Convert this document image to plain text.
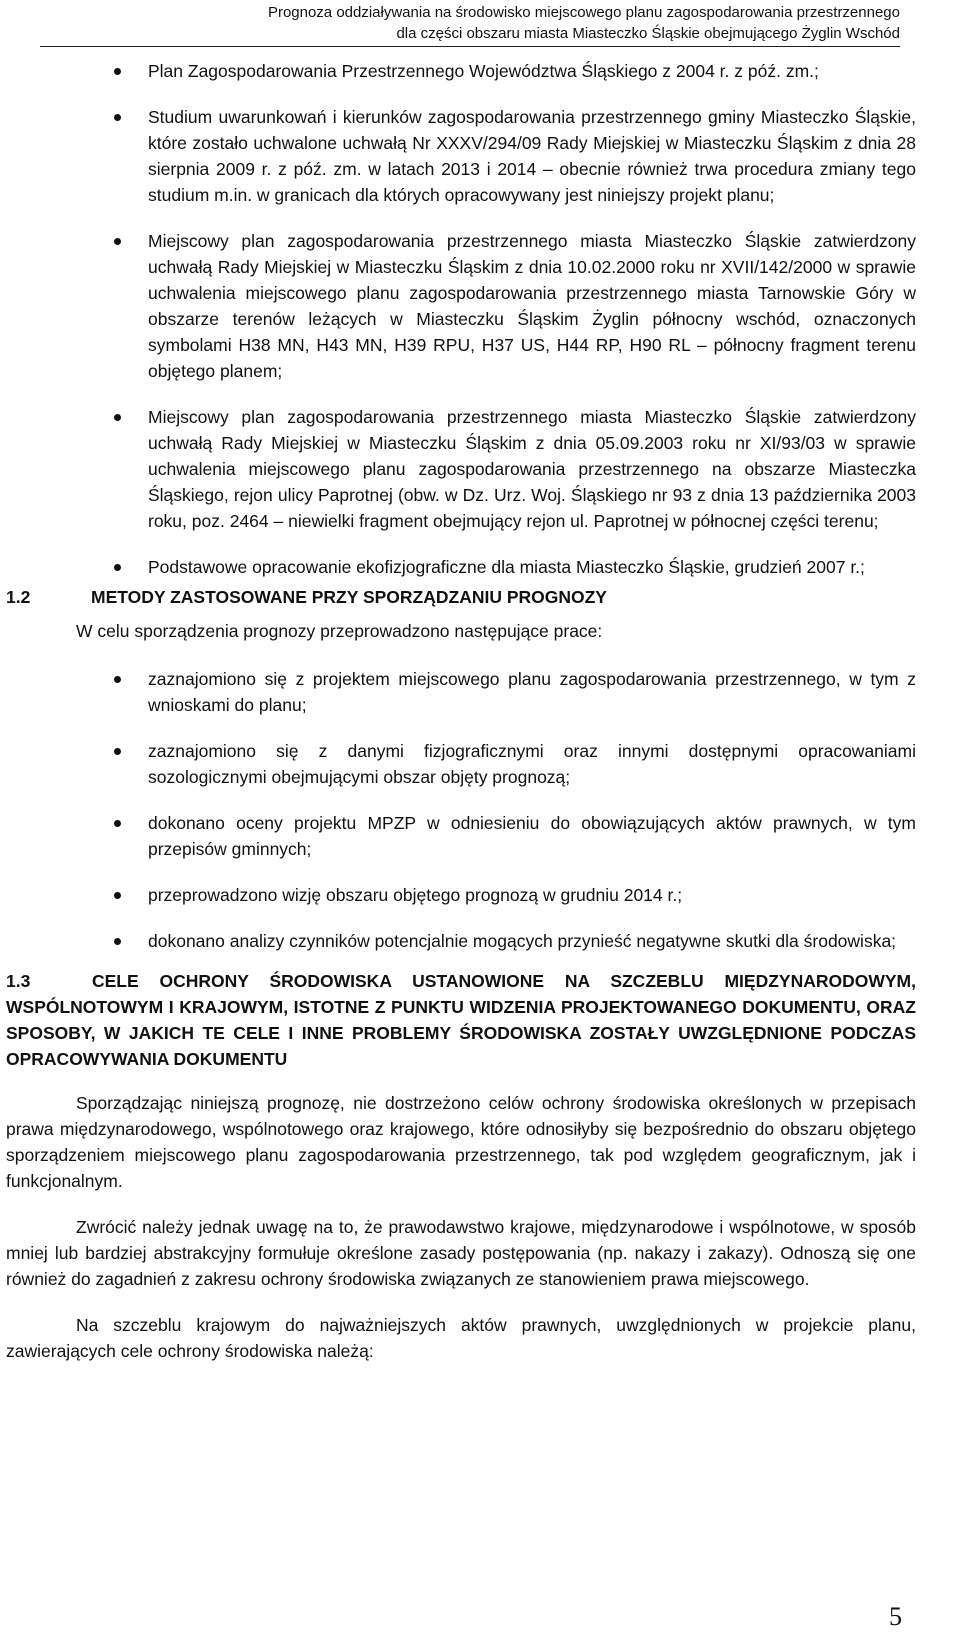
Prognoza oddziaływania na środowisko miejscowego planu zagospodarowania przestrzennego
dla części obszaru miasta Miasteczko Śląskie obejmującego Żyglin Wschód
Plan Zagospodarowania Przestrzennego Województwa Śląskiego z 2004 r. z póź. zm.;
Studium uwarunkowań i kierunków zagospodarowania przestrzennego gminy Miasteczko Śląskie, które zostało uchwalone uchwałą Nr XXXV/294/09 Rady Miejskiej w Miasteczku Śląskim z dnia 28 sierpnia 2009 r. z póź. zm. w latach 2013 i 2014 – obecnie również trwa procedura zmiany tego studium m.in. w granicach dla których opracowywany jest niniejszy projekt planu;
Miejscowy plan zagospodarowania przestrzennego miasta Miasteczko Śląskie zatwierdzony uchwałą Rady Miejskiej w Miasteczku Śląskim z dnia 10.02.2000 roku nr XVII/142/2000 w sprawie uchwalenia miejscowego planu zagospodarowania przestrzennego miasta Tarnowskie Góry w obszarze terenów leżących w Miasteczku Śląskim Żyglin północny wschód, oznaczonych symbolami H38 MN, H43 MN, H39 RPU, H37 US, H44 RP, H90 RL – północny fragment terenu objętego planem;
Miejscowy plan zagospodarowania przestrzennego miasta Miasteczko Śląskie zatwierdzony uchwałą Rady Miejskiej w Miasteczku Śląskim z dnia 05.09.2003 roku nr XI/93/03 w sprawie uchwalenia miejscowego planu zagospodarowania przestrzennego na obszarze Miasteczka Śląskiego, rejon ulicy Paprotnej (obw. w Dz. Urz. Woj. Śląskiego nr 93 z dnia 13 października 2003 roku, poz. 2464 – niewielki fragment obejmujący rejon ul. Paprotnej w północnej części terenu;
Podstawowe opracowanie ekofizjograficzne dla miasta Miasteczko Śląskie, grudzień 2007 r.;
1.2	METODY ZASTOSOWANE PRZY SPORZĄDZANIU PROGNOZY
W celu sporządzenia prognozy przeprowadzono następujące prace:
zaznajomiono się z projektem miejscowego planu zagospodarowania przestrzennego, w tym z wnioskami do planu;
zaznajomiono się z danymi fizjograficznymi oraz innymi dostępnymi opracowaniami sozologicznymi obejmującymi obszar objęty prognozą;
dokonano oceny projektu MPZP w odniesieniu do obowiązujących aktów prawnych, w tym przepisów gminnych;
przeprowadzono wizję obszaru objętego prognozą w grudniu 2014 r.;
dokonano analizy czynników potencjalnie mogących przynieść negatywne skutki dla środowiska;
1.3	CELE OCHRONY ŚRODOWISKA USTANOWIONE NA SZCZEBLU MIĘDZYNARODOWYM, WSPÓLNOTOWYM I KRAJOWYM, ISTOTNE Z PUNKTU WIDZENIA PROJEKTOWANEGO DOKUMENTU, ORAZ SPOSOBY, W JAKICH TE CELE I INNE PROBLEMY ŚRODOWISKA ZOSTAŁY UWZGLĘDNIONE PODCZAS OPRACOWYWANIA DOKUMENTU

Sporządzając niniejszą prognozę, nie dostrzeżono celów ochrony środowiska określonych w przepisach prawa międzynarodowego, wspólnotowego oraz krajowego, które odnosiłyby się bezpośrednio do obszaru objętego sporządzeniem miejscowego planu zagospodarowania przestrzennego, tak pod względem geograficznym, jak i funkcjonalnym.

Zwrócić należy jednak uwagę na to, że prawodawstwo krajowe, międzynarodowe i wspólnotowe, w sposób mniej lub bardziej abstrakcyjny formułuje określone zasady postępowania (np. nakazy i zakazy). Odnoszą się one również do zagadnień z zakresu ochrony środowiska związanych ze stanowieniem prawa miejscowego.

Na szczeblu krajowym do najważniejszych aktów prawnych, uwzględnionych w projekcie planu, zawierających cele ochrony środowiska należą:

5
